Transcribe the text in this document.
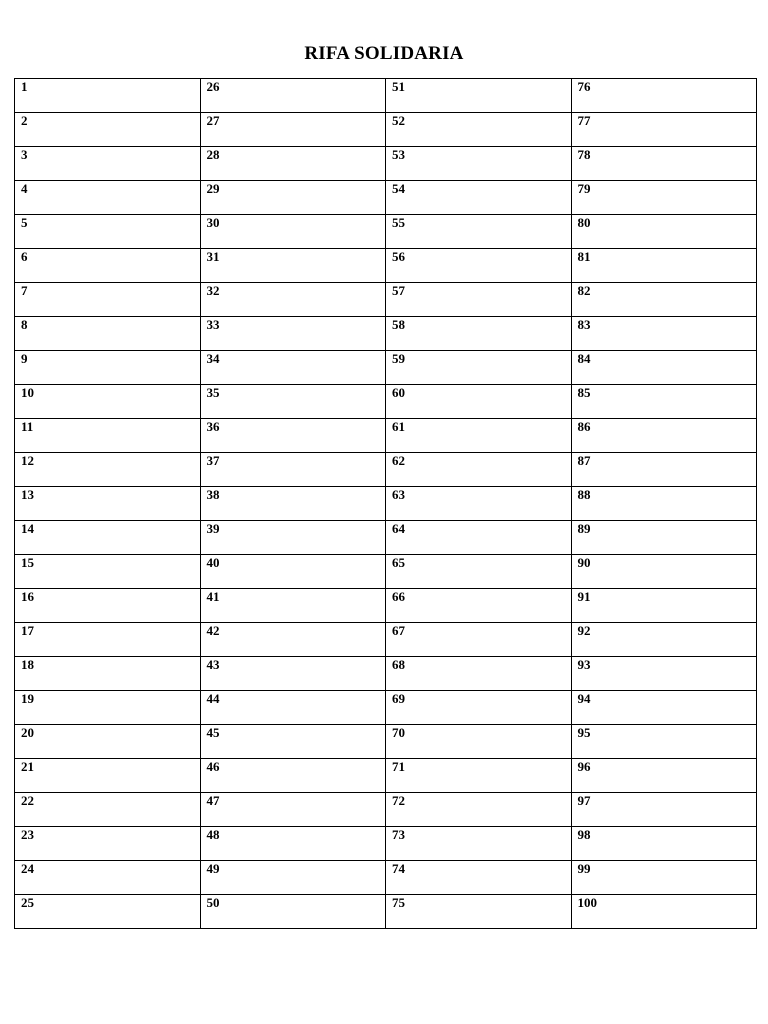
RIFA SOLIDARIA
1	26	51	76

2	27	52	77

3	28	53	78

4	29	54	79

5	30	55	80

6	31	56	81

7	32	57	82

8	33	58	83

9	34	59	84

10	35	60	85

11	36	61	86

12	37	62	87

13	38	63	88

14	39	64	89

15	40	65	90

16	41	66	91

17	42	67	92

18	43	68	93

19	44	69	94

20	45	70	95

21	46	71	96

22	47	72	97

23	48	73	98

24	49	74	99

25	50	75	100
